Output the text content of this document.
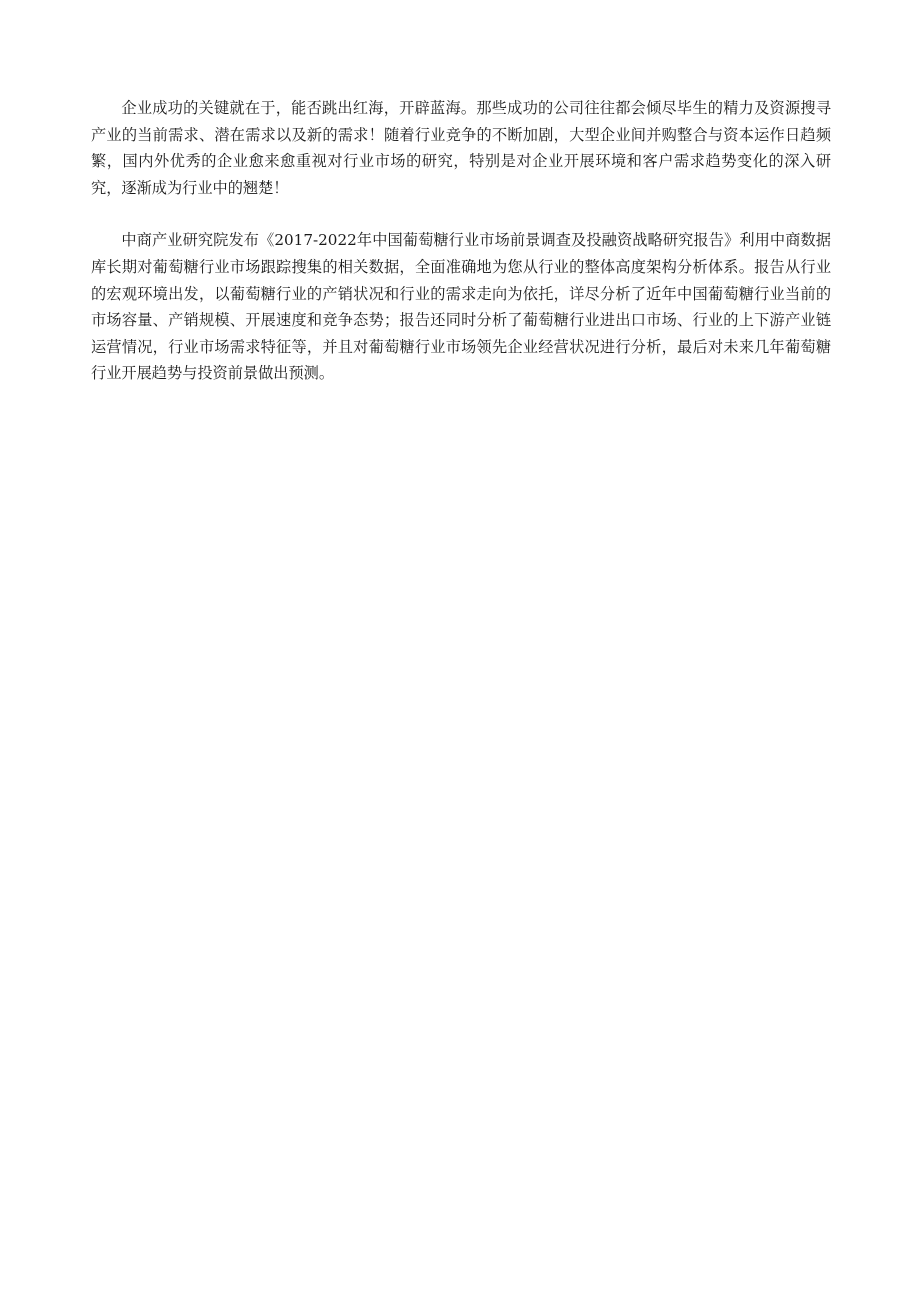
企业成功的关键就在于，能否跳出红海，开辟蓝海。那些成功的公司往往都会倾尽毕生的精力及资源搜寻产业的当前需求、潜在需求以及新的需求！随着行业竞争的不断加剧，大型企业间并购整合与资本运作日趋频繁，国内外优秀的企业愈来愈重视对行业市场的研究，特别是对企业开展环境和客户需求趋势变化的深入研究，逐渐成为行业中的翘楚！

中商产业研究院发布《2017-2022年中国葡萄糖行业市场前景调查及投融资战略研究报告》利用中商数据库长期对葡萄糖行业市场跟踪搜集的相关数据，全面准确地为您从行业的整体高度架构分析体系。报告从行业的宏观环境出发，以葡萄糖行业的产销状况和行业的需求走向为依托，详尽分析了近年中国葡萄糖行业当前的市场容量、产销规模、开展速度和竞争态势；报告还同时分析了葡萄糖行业进出口市场、行业的上下游产业链运营情况，行业市场需求特征等，并且对葡萄糖行业市场领先企业经营状况进行分析，最后对未来几年葡萄糖行业开展趋势与投资前景做出预测。
